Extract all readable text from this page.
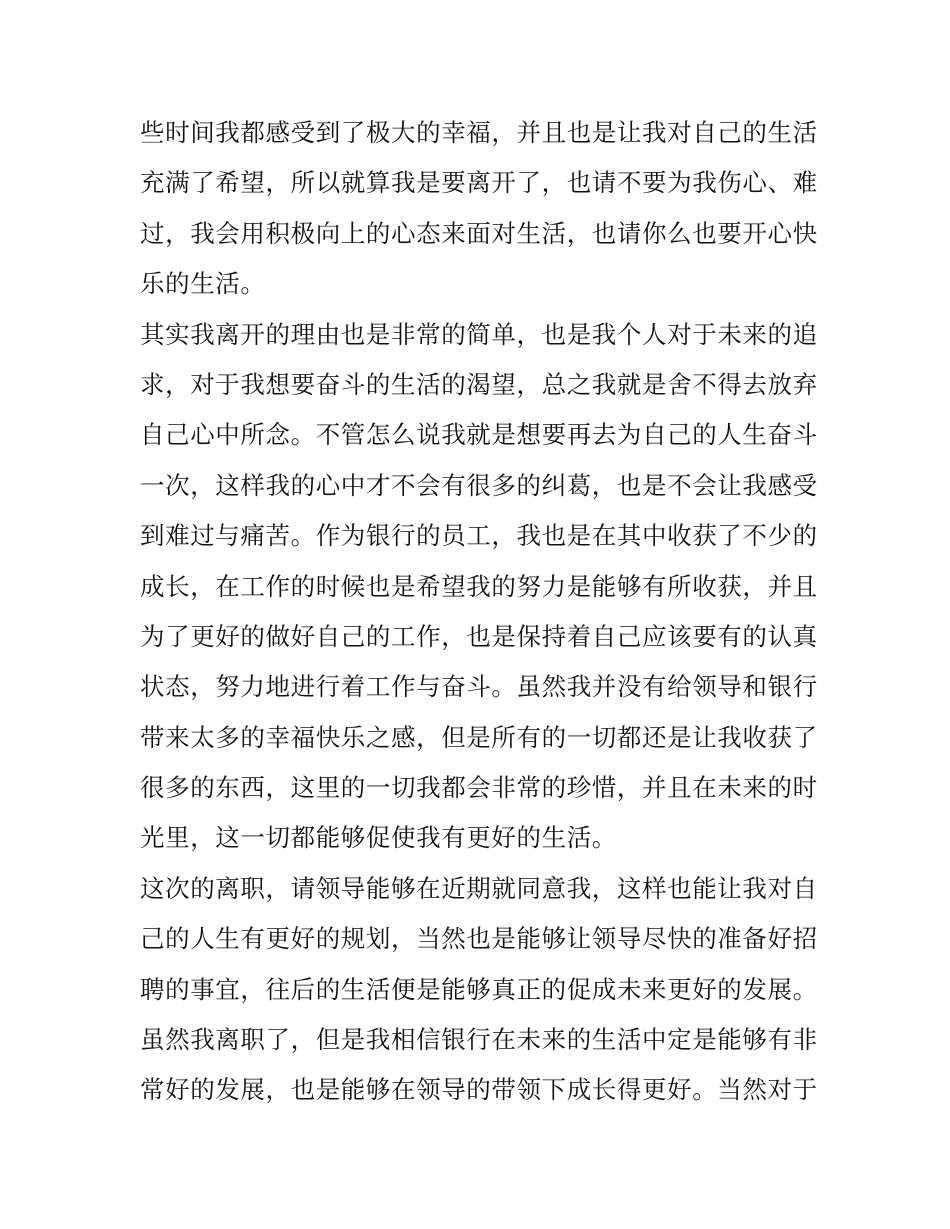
些时间我都感受到了极大的幸福，并且也是让我对自己的生活
充满了希望，所以就算我是要离开了，也请不要为我伤心、难
过，我会用积极向上的心态来面对生活，也请你么也要开心快
乐的生活。
其实我离开的理由也是非常的简单，也是我个人对于未来的追
求，对于我想要奋斗的生活的渴望，总之我就是舍不得去放弃
自己心中所念。不管怎么说我就是想要再去为自己的人生奋斗
一次，这样我的心中才不会有很多的纠葛，也是不会让我感受
到难过与痛苦。作为银行的员工，我也是在其中收获了不少的
成长，在工作的时候也是希望我的努力是能够有所收获，并且
为了更好的做好自己的工作，也是保持着自己应该要有的认真
状态，努力地进行着工作与奋斗。虽然我并没有给领导和银行
带来太多的幸福快乐之感，但是所有的一切都还是让我收获了
很多的东西，这里的一切我都会非常的珍惜，并且在未来的时
光里，这一切都能够促使我有更好的生活。
这次的离职，请领导能够在近期就同意我，这样也能让我对自
己的人生有更好的规划，当然也是能够让领导尽快的准备好招
聘的事宜，往后的生活便是能够真正的促成未来更好的发展。
虽然我离职了，但是我相信银行在未来的生活中定是能够有非
常好的发展，也是能够在领导的带领下成长得更好。当然对于
